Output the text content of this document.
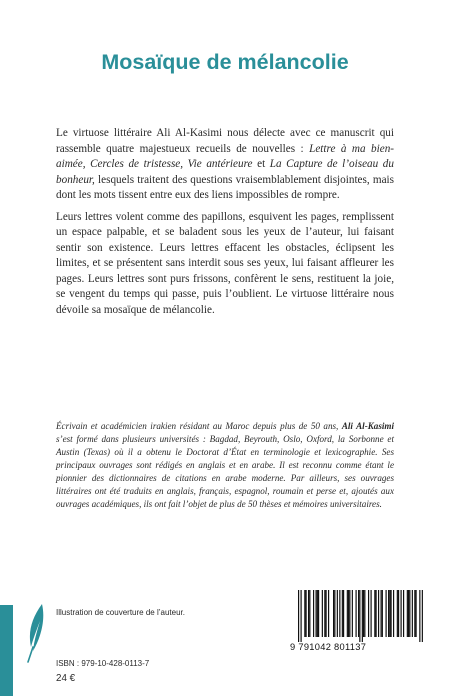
Mosaïque de mélancolie

Le virtuose littéraire Ali Al-Kasimi nous délecte avec ce manuscrit qui rassemble quatre majestueux recueils de nouvelles : Lettre à ma bien-aimée, Cercles de tristesse, Vie antérieure et La Capture de l’oiseau du bonheur, lesquels traitent des questions vraisemblablement disjointes, mais dont les mots tissent entre eux des liens impossibles de rompre.

Leurs lettres volent comme des papillons, esquivent les pages, remplissent un espace palpable, et se baladent sous les yeux de l’auteur, lui faisant sentir son existence. Leurs lettres effacent les obstacles, éclipsent les limites, et se présentent sans interdit sous ses yeux, lui faisant affleurer les pages. Leurs lettres sont purs frissons, confèrent le sens, restituent la joie, se vengent du temps qui passe, puis l’oublient. Le virtuose littéraire nous dévoile sa mosaïque de mélancolie.

Écrivain et académicien irakien résidant au Maroc depuis plus de 50 ans, Ali Al-Kasimi s’est formé dans plusieurs universités : Bagdad, Beyrouth, Oslo, Oxford, la Sorbonne et Austin (Texas) où il a obtenu le Doctorat d’État en terminologie et lexicographie. Ses principaux ouvrages sont rédigés en anglais et en arabe. Il est reconnu comme étant le pionnier des dictionnaires de citations en arabe moderne. Par ailleurs, ses ouvrages littéraires ont été traduits en anglais, français, espagnol, roumain et perse et, ajoutés aux ouvrages académiques, ils ont fait l’objet de plus de 50 thèses et mémoires universitaires.
Illustration de couverture de l’auteur.
ISBN : 979-10-428-0113-7
24 €
9 791042 801137
